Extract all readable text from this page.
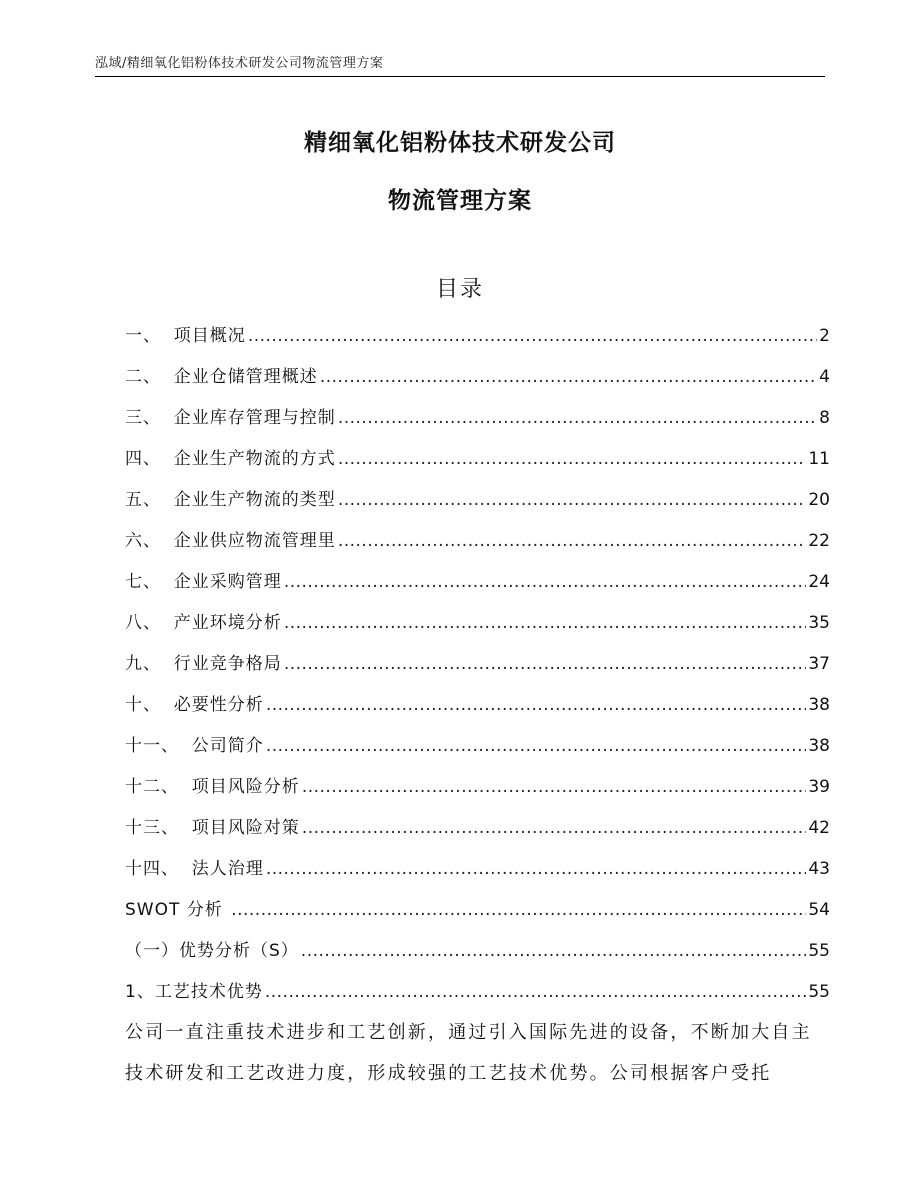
泓域/精细氧化铝粉体技术研发公司物流管理方案
精细氧化铝粉体技术研发公司
物流管理方案
目录
一、  项目概况 .....	2
二、  企业仓储管理概述 .....	4
三、  企业库存管理与控制 .....	8
四、  企业生产物流的方式 .....	11
五、  企业生产物流的类型 .....	20
六、  企业供应物流管理里 .....	22
七、  企业采购管理 .....	24
八、  产业环境分析 .....	35
九、  行业竞争格局 .....	37
十、  必要性分析 .....	38
十一、  公司简介 .....	38
十二、  项目风险分析 .....	39
十三、  项目风险对策 .....	42
十四、  法人治理 .....	43
SWOT 分析 .....	54
（一）优势分析（S） .....	55
1、工艺技术优势 .....	55
公司一直注重技术进步和工艺创新，通过引入国际先进的设备，不断加大自主技术研发和工艺改进力度，形成较强的工艺技术优势。公司根据客户受托
